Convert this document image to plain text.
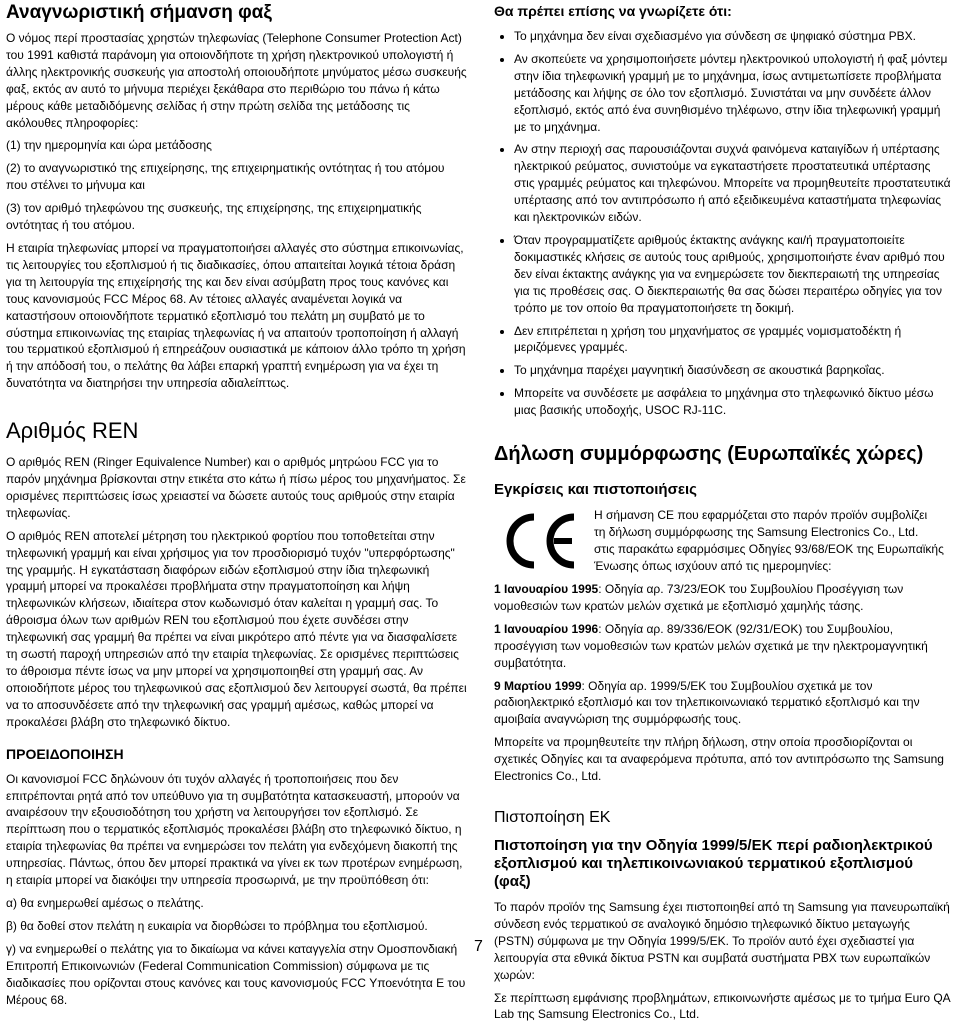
Αναγνωριστική σήμανση φαξ

Ο νόμος περί προστασίας χρηστών τηλεφωνίας (Telephone Consumer Protection Act) του 1991 καθιστά παράνομη για οποιονδήποτε τη χρήση ηλεκτρονικού υπολογιστή ή άλλης ηλεκτρονικής συσκευής για αποστολή οποιουδήποτε μηνύματος μέσω συσκευής φαξ, εκτός αν αυτό το μήνυμα περιέχει ξεκάθαρα στο περιθώριο του πάνω ή κάτω μέρους κάθε μεταδιδόμενης σελίδας ή στην πρώτη σελίδα της μετάδοσης τις ακόλουθες πληροφορίες:

(1) την ημερομηνία και ώρα μετάδοσης

(2) το αναγνωριστικό της επιχείρησης, της επιχειρηματικής οντότητας ή του ατόμου που στέλνει το μήνυμα και

(3) τον αριθμό τηλεφώνου της συσκευής, της επιχείρησης, της επιχειρηματικής οντότητας ή του ατόμου.

Η εταιρία τηλεφωνίας μπορεί να πραγματοποιήσει αλλαγές στο σύστημα επικοινωνίας, τις λειτουργίες του εξοπλισμού ή τις διαδικασίες, όπου απαιτείται λογικά τέτοια δράση για τη λειτουργία της επιχείρησής της και δεν είναι ασύμβατη προς τους κανόνες και τους κανονισμούς FCC Μέρος 68. Αν τέτοιες αλλαγές αναμένεται λογικά να καταστήσουν οποιονδήποτε τερματικό εξοπλισμό του πελάτη μη συμβατό με το σύστημα επικοινωνίας της εταιρίας τηλεφωνίας ή να απαιτούν τροποποίηση ή αλλαγή του τερματικού εξοπλισμού ή επηρεάζουν ουσιαστικά με κάποιον άλλο τρόπο τη χρήση ή την απόδοσή του, ο πελάτης θα λάβει επαρκή γραπτή ενημέρωση για να έχει τη δυνατότητα να διατηρήσει την υπηρεσία αδιαλείπτως.

Αριθμός REN

Ο αριθμός REN (Ringer Equivalence Number) και ο αριθμός μητρώου FCC για το παρόν μηχάνημα βρίσκονται στην ετικέτα στο κάτω ή πίσω μέρος του μηχανήματος. Σε ορισμένες περιπτώσεις ίσως χρειαστεί να δώσετε αυτούς τους αριθμούς στην εταιρία τηλεφωνίας.

Ο αριθμός REN αποτελεί μέτρηση του ηλεκτρικού φορτίου που τοποθετείται στην τηλεφωνική γραμμή και είναι χρήσιμος για τον προσδιορισμό τυχόν "υπερφόρτωσης" της γραμμής. Η εγκατάσταση διαφόρων ειδών εξοπλισμού στην ίδια τηλεφωνική γραμμή μπορεί να προκαλέσει προβλήματα στην πραγματοποίηση και λήψη τηλεφωνικών κλήσεων, ιδιαίτερα στον κωδωνισμό όταν καλείται η γραμμή σας. Το άθροισμα όλων των αριθμών REN του εξοπλισμού που έχετε συνδέσει στην τηλεφωνική σας γραμμή θα πρέπει να είναι μικρότερο από πέντε για να διασφαλίσετε τη σωστή παροχή υπηρεσιών από την εταιρία τηλεφωνίας. Σε ορισμένες περιπτώσεις το άθροισμα πέντε ίσως να μην μπορεί να χρησιμοποιηθεί στη γραμμή σας. Αν οποιοδήποτε μέρος του τηλεφωνικού σας εξοπλισμού δεν λειτουργεί σωστά, θα πρέπει να το αποσυνδέσετε από την τηλεφωνική σας γραμμή αμέσως, καθώς μπορεί να προκαλέσει βλάβη στο τηλεφωνικό δίκτυο.

ΠΡΟΕΙΔΟΠΟΙΗΣΗ

Οι κανονισμοί FCC δηλώνουν ότι τυχόν αλλαγές ή τροποποιήσεις που δεν επιτρέπονται ρητά από τον υπεύθυνο για τη συμβατότητα κατασκευαστή, μπορούν να αναιρέσουν την εξουσιοδότηση του χρήστη να λειτουργήσει τον εξοπλισμό. Σε περίπτωση που ο τερματικός εξοπλισμός προκαλέσει βλάβη στο τηλεφωνικό δίκτυο, η εταιρία τηλεφωνίας θα πρέπει να ενημερώσει τον πελάτη για ενδεχόμενη διακοπή της υπηρεσίας. Πάντως, όπου δεν μπορεί πρακτικά να γίνει εκ των προτέρων ενημέρωση, η εταιρία μπορεί να διακόψει την υπηρεσία προσωρινά, με την προϋπόθεση ότι:

α) θα ενημερωθεί αμέσως ο πελάτης.

β) θα δοθεί στον πελάτη η ευκαιρία να διορθώσει το πρόβλημα του εξοπλισμού.

γ) να ενημερωθεί ο πελάτης για το δικαίωμα να κάνει καταγγελία στην Ομοσπονδιακή Επιτροπή Επικοινωνιών (Federal Communication Commission) σύμφωνα με τις διαδικασίες που ορίζονται στους κανόνες και τους κανονισμούς FCC Υποενότητα Ε του Μέρους 68.

Θα πρέπει επίσης να γνωρίζετε ότι:
• Το μηχάνημα δεν είναι σχεδιασμένο για σύνδεση σε ψηφιακό σύστημα PBX.
• Αν σκοπεύετε να χρησιμοποιήσετε μόντεμ ηλεκτρονικού υπολογιστή ή φαξ μόντεμ στην ίδια τηλεφωνική γραμμή με το μηχάνημα, ίσως αντιμετωπίσετε προβλήματα μετάδοσης και λήψης σε όλο τον εξοπλισμό. Συνιστάται να μην συνδέετε άλλον εξοπλισμό, εκτός από ένα συνηθισμένο τηλέφωνο, στην ίδια τηλεφωνική γραμμή με το μηχάνημα.
• Αν στην περιοχή σας παρουσιάζονται συχνά φαινόμενα καταιγίδων ή υπέρτασης ηλεκτρικού ρεύματος, συνιστούμε να εγκαταστήσετε προστατευτικά υπέρτασης στις γραμμές ρεύματος και τηλεφώνου. Μπορείτε να προμηθευτείτε προστατευτικά υπέρτασης από τον αντιπρόσωπο ή από εξειδικευμένα καταστήματα τηλεφωνίας και ηλεκτρονικών ειδών.
• Όταν προγραμματίζετε αριθμούς έκτακτης ανάγκης και/ή πραγματοποιείτε δοκιμαστικές κλήσεις σε αυτούς τους αριθμούς, χρησιμοποιήστε έναν αριθμό που δεν είναι έκτακτης ανάγκης για να ενημερώσετε τον διεκπεραιωτή της υπηρεσίας για τις προθέσεις σας. Ο διεκπεραιωτής θα σας δώσει περαιτέρω οδηγίες για τον τρόπο με τον οποίο θα πραγματοποιήσετε τη δοκιμή.
• Δεν επιτρέπεται η χρήση του μηχανήματος σε γραμμές νομισματοδέκτη ή μεριζόμενες γραμμές.
• Το μηχάνημα παρέχει μαγνητική διασύνδεση σε ακουστικά βαρηκοΐας.
• Μπορείτε να συνδέσετε με ασφάλεια το μηχάνημα στο τηλεφωνικό δίκτυο μέσω μιας βασικής υποδοχής, USOC RJ-11C.
Δήλωση συμμόρφωσης (Ευρωπαϊκές χώρες)
Εγκρίσεις και πιστοποιήσεις
Η σήμανση CE που εφαρμόζεται στο παρόν προϊόν συμβολίζει
τη δήλωση συμμόρφωσης της Samsung Electronics Co., Ltd.
στις παρακάτω εφαρμόσιμες Οδηγίες 93/68/ΕΟΚ της Ευρωπαϊκής
Ένωσης όπως ισχύουν από τις ημερομηνίες:

1 Ιανουαρίου 1995: Οδηγία αρ. 73/23/ΕΟΚ του Συμβουλίου Προσέγγιση των νομοθεσιών των κρατών μελών σχετικά με εξοπλισμό χαμηλής τάσης.

1 Ιανουαρίου 1996: Οδηγία αρ. 89/336/ΕΟΚ (92/31/ΕΟΚ) του Συμβουλίου, προσέγγιση των νομοθεσιών των κρατών μελών σχετικά με την ηλεκτρομαγνητική συμβατότητα.

9 Μαρτίου 1999: Οδηγία αρ. 1999/5/ΕΚ του Συμβουλίου σχετικά με τον ραδιοηλεκτρικό εξοπλισμό και τον τηλεπικοινωνιακό τερματικό εξοπλισμό και την αμοιβαία αναγνώριση της συμμόρφωσής τους.

Μπορείτε να προμηθευτείτε την πλήρη δήλωση, στην οποία προσδιορίζονται οι σχετικές Οδηγίες και τα αναφερόμενα πρότυπα, από τον αντιπρόσωπο της Samsung Electronics Co., Ltd.

Πιστοποίηση ΕΚ
Πιστοποίηση για την Οδηγία 1999/5/ΕΚ περί ραδιοηλεκτρικού εξοπλισμού και τηλεπικοινωνιακού τερματικού εξοπλισμού (φαξ)

Το παρόν προϊόν της Samsung έχει πιστοποιηθεί από τη Samsung για πανευρωπαϊκή σύνδεση ενός τερματικού σε αναλογικό δημόσιο τηλεφωνικό δίκτυο μεταγωγής (PSTN) σύμφωνα με την Οδηγία 1999/5/ΕΚ. Το προϊόν αυτό έχει σχεδιαστεί για λειτουργία στα εθνικά δίκτυα PSTN και συμβατά συστήματα PBX των ευρωπαϊκών χωρών:

Σε περίπτωση εμφάνισης προβλημάτων, επικοινωνήστε αμέσως με το τμήμα Euro QA Lab της Samsung Electronics Co., Ltd.

7
